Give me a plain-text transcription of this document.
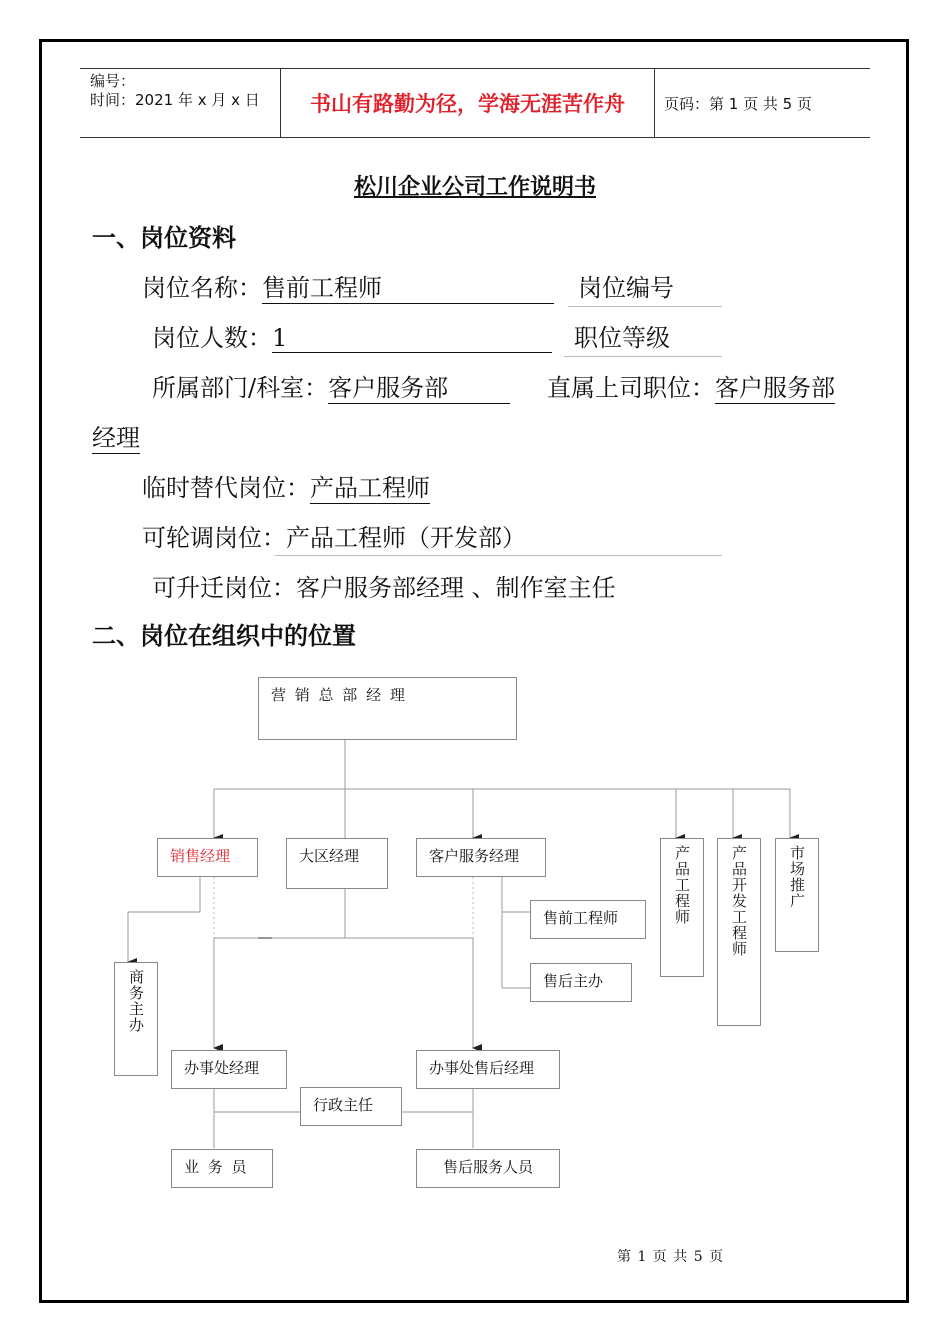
编号：
时间：2021 年 x 月 x 日	书山有路勤为径，学海无涯苦作舟	页码：第 1 页 共 5 页
松川企业公司工作说明书
一、岗位资料
岗位名称：售前工程师	岗位编号
岗位人数：1	职位等级
所属部门/科室：客户服务部	直属上司职位：客户服务部
经理
临时替代岗位：产品工程师
可轮调岗位：产品工程师（开发部）
可升迁岗位：客户服务部经理 、制作室主任
二、岗位在组织中的位置
营 销 总 部 经 理
销售经理	大区经理	客户服务经理	产品工程师	产品开发工程师	市场推广
售前工程师
售后主办
商务主办
办事处经理	办事处售后经理
行政主任
业 务 员	售后服务人员
第 1 页 共 5 页
